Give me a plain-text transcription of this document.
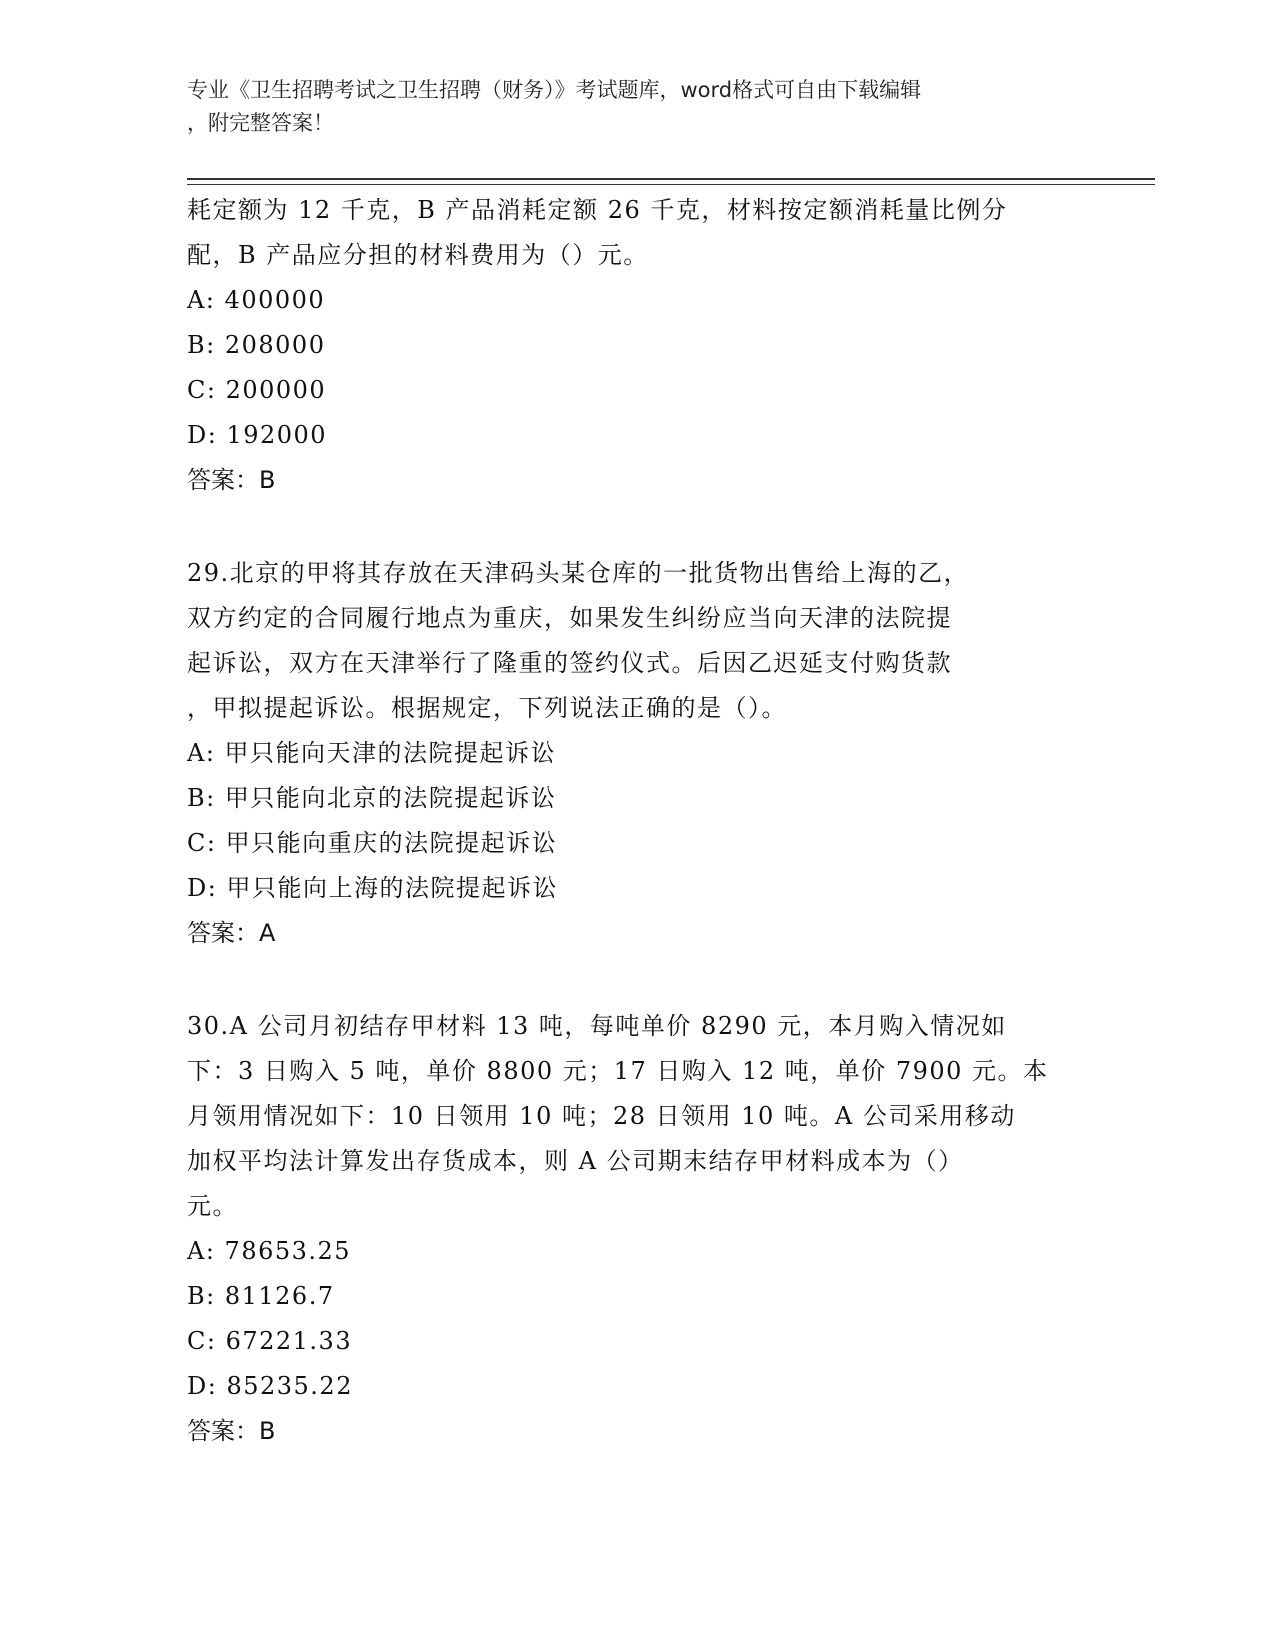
专业《卫生招聘考试之卫生招聘（财务）》考试题库，word格式可自由下载编辑
，附完整答案！

耗定额为 12 千克，B 产品消耗定额 26 千克，材料按定额消耗量比例分

配，B 产品应分担的材料费用为（）元。

A: 400000

B: 208000

C: 200000

D: 192000

答案：B

29.北京的甲将其存放在天津码头某仓库的一批货物出售给上海的乙，

双方约定的合同履行地点为重庆，如果发生纠纷应当向天津的法院提

起诉讼，双方在天津举行了隆重的签约仪式。后因乙迟延支付购货款

，甲拟提起诉讼。根据规定，下列说法正确的是（）。

A: 甲只能向天津的法院提起诉讼

B: 甲只能向北京的法院提起诉讼

C: 甲只能向重庆的法院提起诉讼

D: 甲只能向上海的法院提起诉讼

答案：A

30.A 公司月初结存甲材料 13 吨，每吨单价 8290 元，本月购入情况如

下：3 日购入 5 吨，单价 8800 元；17 日购入 12 吨，单价 7900 元。本

月领用情况如下：10 日领用 10 吨；28 日领用 10 吨。A 公司采用移动

加权平均法计算发出存货成本，则 A 公司期末结存甲材料成本为（）

元。

A: 78653.25

B: 81126.7

C: 67221.33

D: 85235.22

答案：B
